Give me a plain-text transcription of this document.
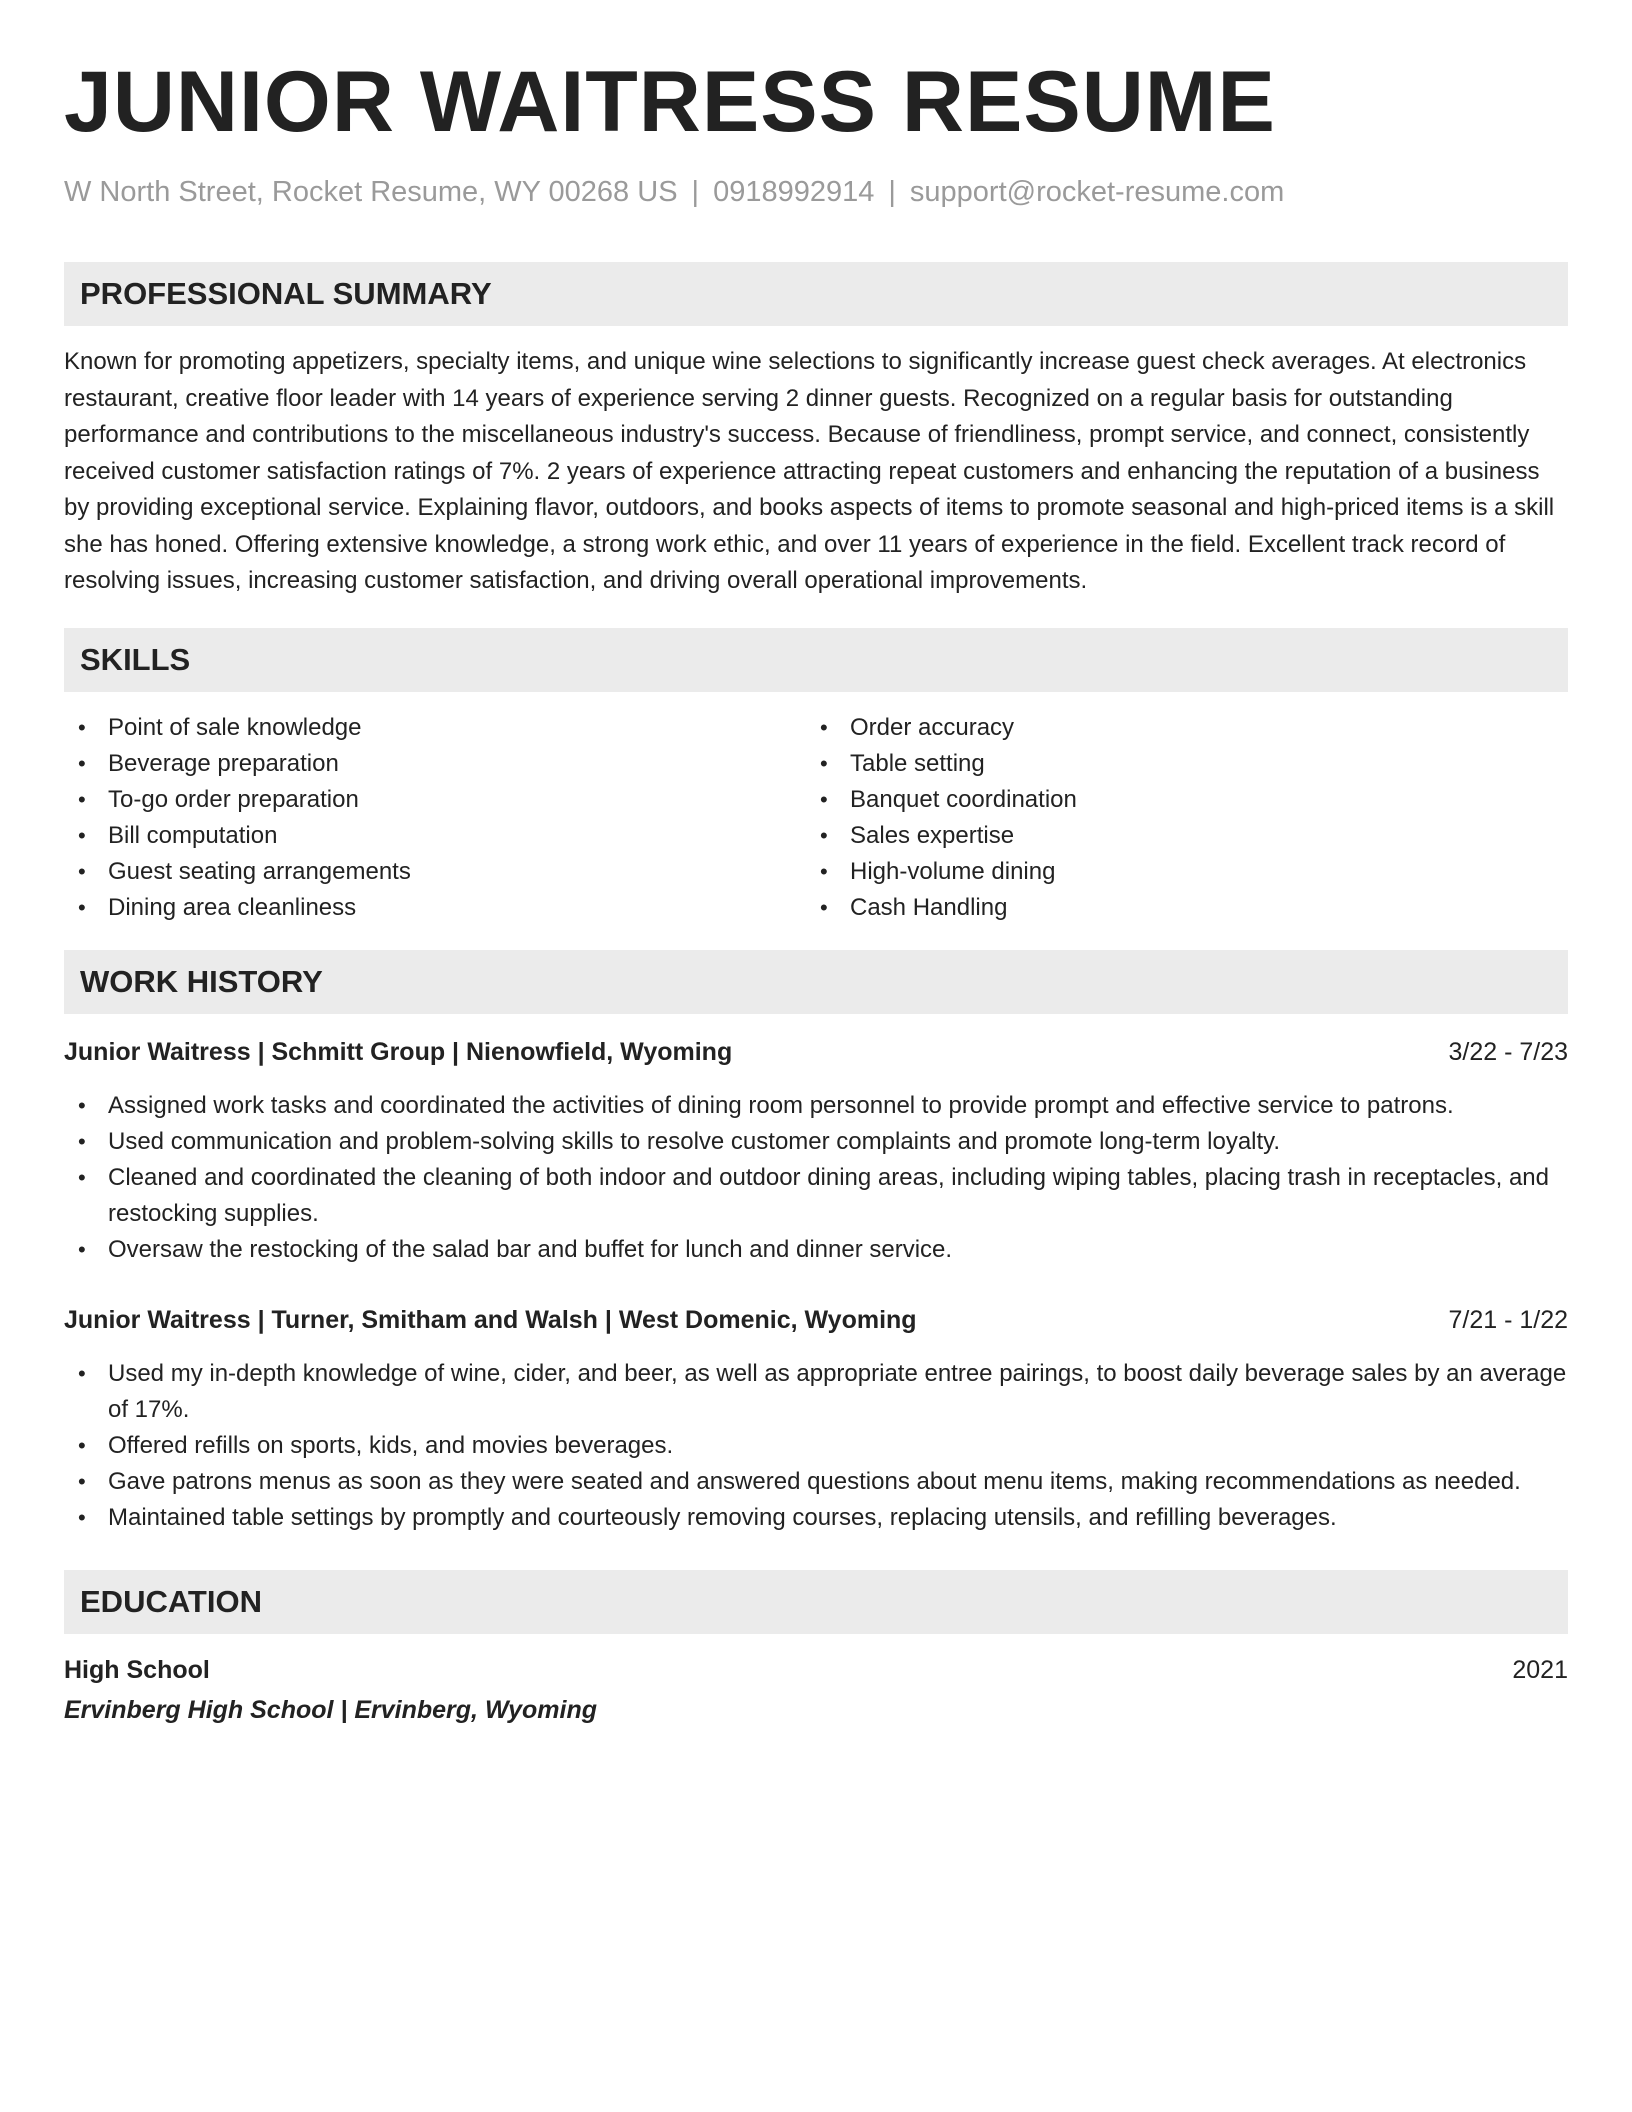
JUNIOR WAITRESS RESUME
W North Street, Rocket Resume, WY 00268 US | 0918992914 | support@rocket-resume.com
PROFESSIONAL SUMMARY

Known for promoting appetizers, specialty items, and unique wine selections to significantly increase guest check averages. At electronics restaurant, creative floor leader with 14 years of experience serving 2 dinner guests. Recognized on a regular basis for outstanding performance and contributions to the miscellaneous industry's success. Because of friendliness, prompt service, and connect, consistently received customer satisfaction ratings of 7%. 2 years of experience attracting repeat customers and enhancing the reputation of a business by providing exceptional service. Explaining flavor, outdoors, and books aspects of items to promote seasonal and high-priced items is a skill she has honed. Offering extensive knowledge, a strong work ethic, and over 11 years of experience in the field. Excellent track record of resolving issues, increasing customer satisfaction, and driving overall operational improvements.

SKILLS
• Point of sale knowledge
• Beverage preparation
• To-go order preparation
• Bill computation
• Guest seating arrangements
• Dining area cleanliness
• Order accuracy
• Table setting
• Banquet coordination
• Sales expertise
• High-volume dining
• Cash Handling
WORK HISTORY
Junior Waitress | Schmitt Group | Nienowfield, Wyoming	3/22 - 7/23
• Assigned work tasks and coordinated the activities of dining room personnel to provide prompt and effective service to patrons.
• Used communication and problem-solving skills to resolve customer complaints and promote long-term loyalty.
• Cleaned and coordinated the cleaning of both indoor and outdoor dining areas, including wiping tables, placing trash in receptacles, and restocking supplies.
• Oversaw the restocking of the salad bar and buffet for lunch and dinner service.
Junior Waitress | Turner, Smitham and Walsh | West Domenic, Wyoming	7/21 - 1/22
• Used my in-depth knowledge of wine, cider, and beer, as well as appropriate entree pairings, to boost daily beverage sales by an average of 17%.
• Offered refills on sports, kids, and movies beverages.
• Gave patrons menus as soon as they were seated and answered questions about menu items, making recommendations as needed.
• Maintained table settings by promptly and courteously removing courses, replacing utensils, and refilling beverages.
EDUCATION
High School	2021
Ervinberg High School | Ervinberg, Wyoming
